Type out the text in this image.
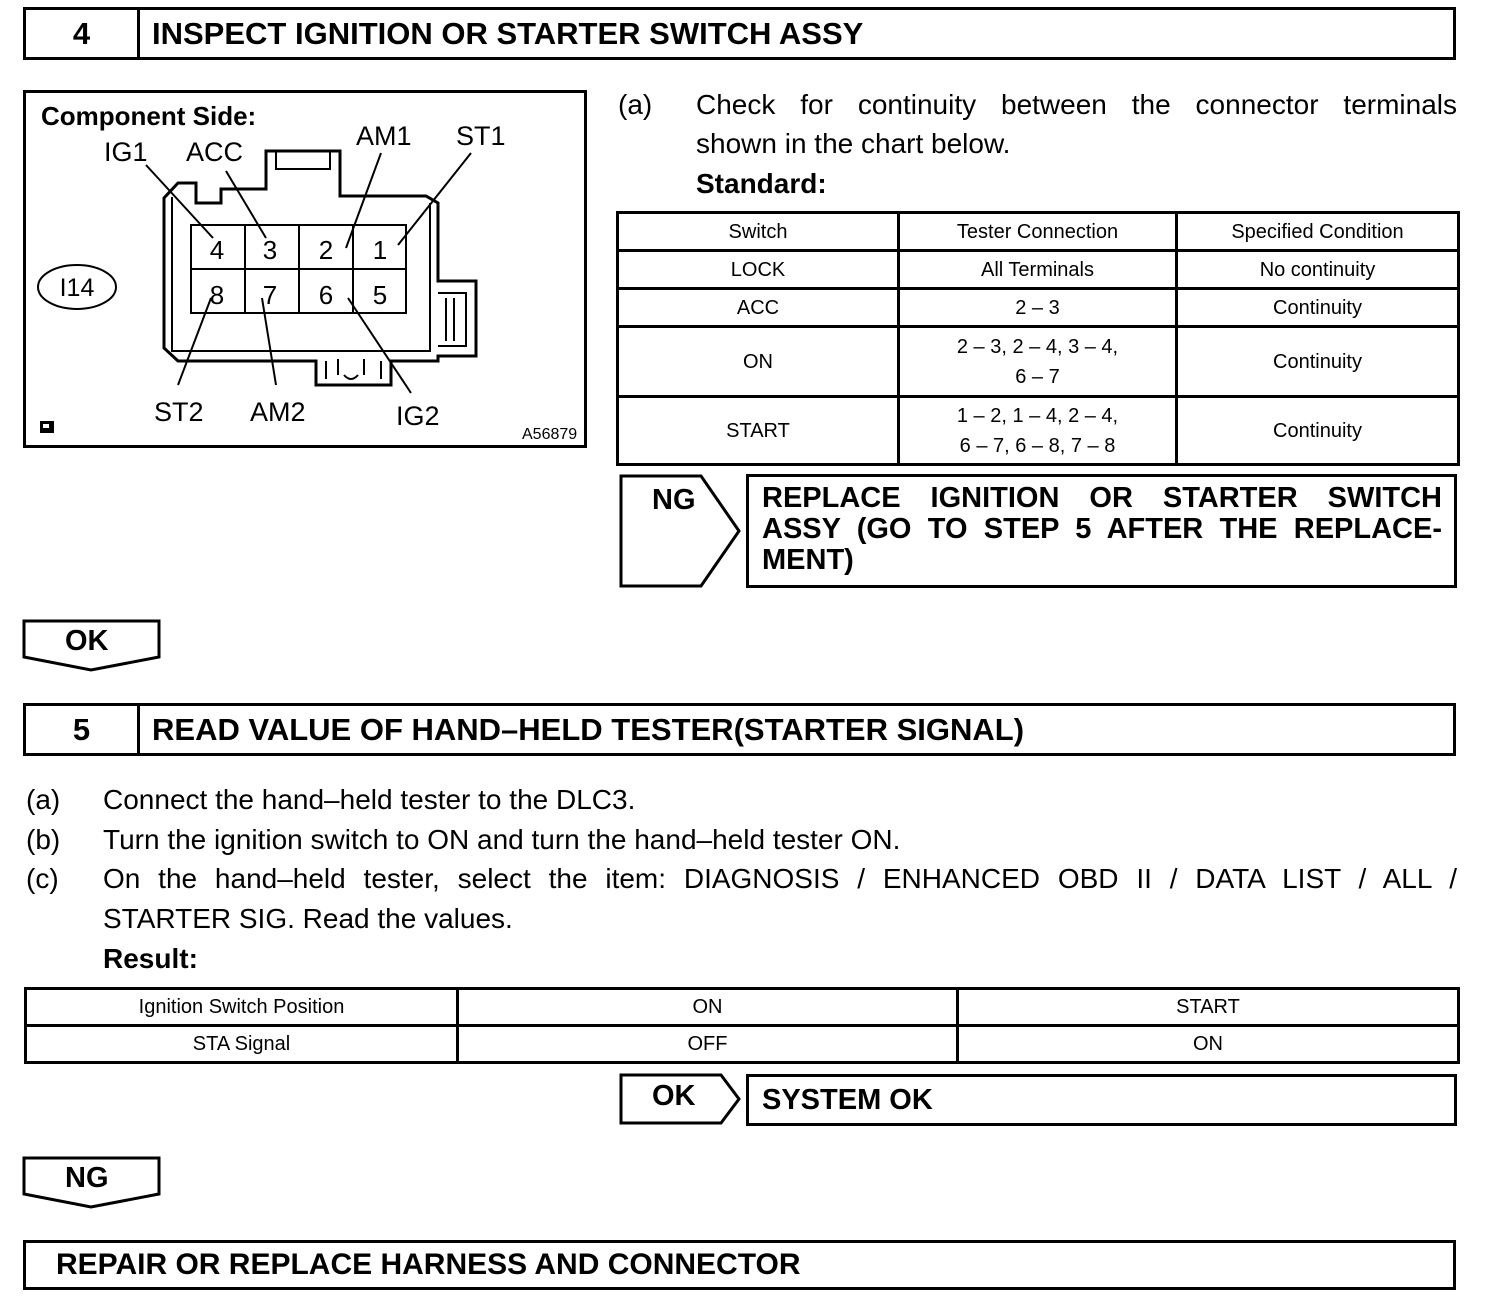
4	INSPECT IGNITION OR STARTER SWITCH ASSY
4 3 2 1
8 7 6 5
Component Side:
IG1 ACC
AM1 ST1
ST2 AM2	IG2
I14
A56879
(a) Check for continuity between the connector terminals
shown in the chart below.
Standard:
Switch	Tester Connection	Specified Condition
LOCK	All Terminals	No continuity
ACC	2 – 3	Continuity
ON	2 – 3, 2 – 4, 3 – 4,
6 – 7	Continuity
START	1 – 2, 1 – 4, 2 – 4,
6 – 7, 6 – 8, 7 – 8	Continuity
NG REPLACE IGNITION OR STARTER SWITCH
ASSY (GO TO STEP 5 AFTER THE REPLACE-
MENT)
OK
5	READ VALUE OF HAND–HELD TESTER(STARTER SIGNAL)
(a) Connect the hand–held tester to the DLC3.
(b) Turn the ignition switch to ON and turn the hand–held tester ON.
(c) On the hand–held tester, select the item: DIAGNOSIS / ENHANCED OBD II / DATA LIST / ALL /
STARTER SIG. Read the values.
Result:
Ignition Switch Position	ON	START
STA Signal	OFF	ON
OK SYSTEM OK
NG
REPAIR OR REPLACE HARNESS AND CONNECTOR
